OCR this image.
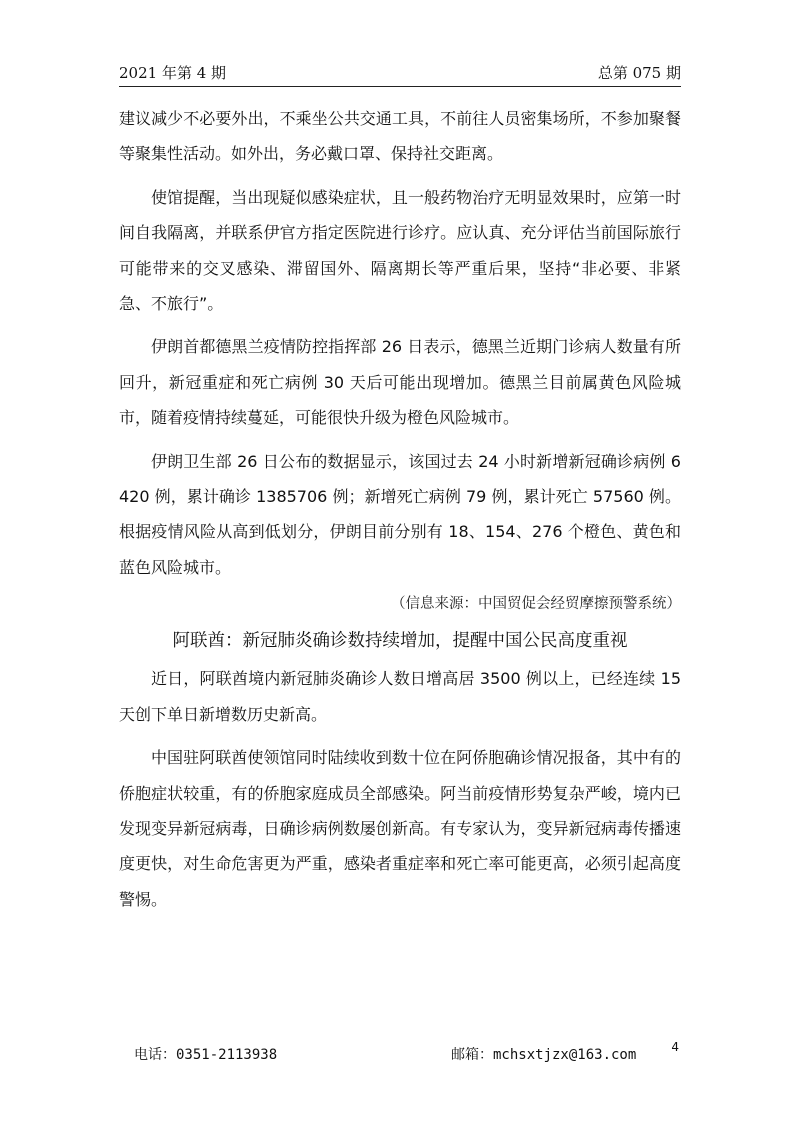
2021 年第 4 期	总第 075 期

建议减少不必要外出，不乘坐公共交通工具，不前往人员密集场所，不参加聚餐等聚集性活动。如外出，务必戴口罩、保持社交距离。

使馆提醒，当出现疑似感染症状，且一般药物治疗无明显效果时，应第一时间自我隔离，并联系伊官方指定医院进行诊疗。应认真、充分评估当前国际旅行可能带来的交叉感染、滞留国外、隔离期长等严重后果，坚持“非必要、非紧急、不旅行”。

伊朗首都德黑兰疫情防控指挥部 26 日表示，德黑兰近期门诊病人数量有所回升，新冠重症和死亡病例 30 天后可能出现增加。德黑兰目前属黄色风险城市，随着疫情持续蔓延，可能很快升级为橙色风险城市。

伊朗卫生部 26 日公布的数据显示，该国过去 24 小时新增新冠确诊病例 6420 例，累计确诊 1385706 例；新增死亡病例 79 例，累计死亡 57560 例。根据疫情风险从高到低划分，伊朗目前分别有 18、154、276 个橙色、黄色和蓝色风险城市。

（信息来源：中国贸促会经贸摩擦预警系统）
阿联酋：新冠肺炎确诊数持续增加，提醒中国公民高度重视

近日，阿联酋境内新冠肺炎确诊人数日增高居 3500 例以上，已经连续 15 天创下单日新增数历史新高。

中国驻阿联酋使领馆同时陆续收到数十位在阿侨胞确诊情况报备，其中有的侨胞症状较重，有的侨胞家庭成员全部感染。阿当前疫情形势复杂严峻，境内已发现变异新冠病毒，日确诊病例数屡创新高。有专家认为，变异新冠病毒传播速度更快，对生命危害更为严重，感染者重症率和死亡率可能更高，必须引起高度警惕。

电话：0351-2113938	邮箱：mchsxtjzx@163.com	4
